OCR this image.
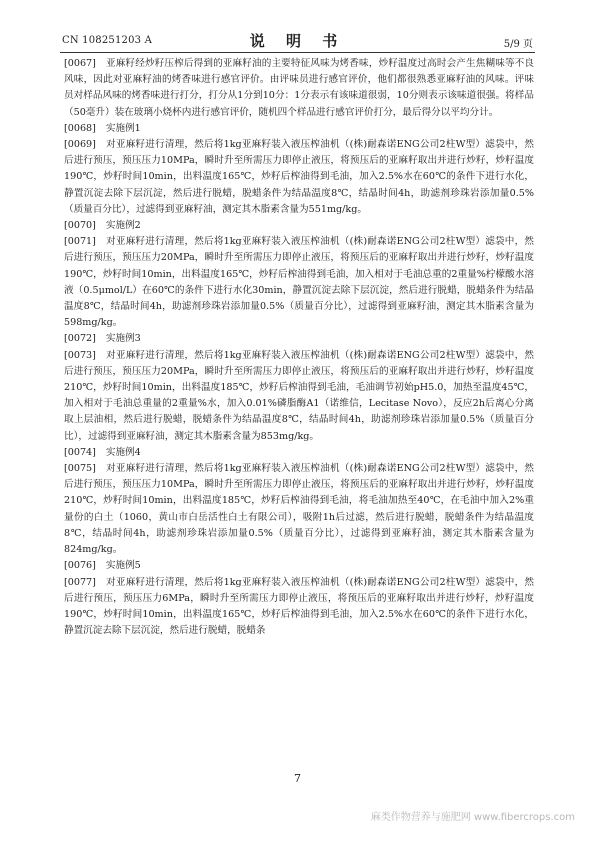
CN 108251203 A	说 明 书	5/9 页

[0067] 亚麻籽经炒籽压榨后得到的亚麻籽油的主要特征风味为烤香味，炒籽温度过高时会产生焦糊味等不良风味，因此对亚麻籽油的烤香味进行感官评价。由评味员进行感官评价，他们都很熟悉亚麻籽油的风味。评味员对样品风味的烤香味进行打分，打分从1分到10分：1分表示有该味道很弱，10分则表示该味道很强。将样品（50毫升）装在玻璃小烧杯内进行感官评价，随机四个样品进行感官评价打分，最后得分以平均分计。

[0068] 实施例1

[0069] 对亚麻籽进行清理，然后将1kg亚麻籽装入液压榨油机（(株)耐森诺ENG公司2柱W型）滤袋中，然后进行预压，预压压力10MPa，瞬时升至所需压力即停止液压，将预压后的亚麻籽取出并进行炒籽，炒籽温度190℃，炒籽时间10min，出料温度165℃，炒籽后榨油得到毛油，加入2.5%水在60℃的条件下进行水化，静置沉淀去除下层沉淀，然后进行脱蜡，脱蜡条件为结晶温度8℃，结晶时间4h，助滤剂珍珠岩添加量0.5%（质量百分比），过滤得到亚麻籽油，测定其木脂素含量为551mg/kg。

[0070] 实施例2

[0071] 对亚麻籽进行清理，然后将1kg亚麻籽装入液压榨油机（(株)耐森诺ENG公司2柱W型）滤袋中，然后进行预压，预压压力20MPa，瞬时升至所需压力即停止液压，将预压后的亚麻籽取出并进行炒籽，炒籽温度190℃，炒籽时间10min，出料温度165℃，炒籽后榨油得到毛油，加入相对于毛油总重的2重量%柠檬酸水溶液（0.5μmol/L）在60℃的条件下进行水化30min，静置沉淀去除下层沉淀，然后进行脱蜡，脱蜡条件为结晶温度8℃，结晶时间4h，助滤剂珍珠岩添加量0.5%（质量百分比），过滤得到亚麻籽油，测定其木脂素含量为598mg/kg。

[0072] 实施例3

[0073] 对亚麻籽进行清理，然后将1kg亚麻籽装入液压榨油机（(株)耐森诺ENG公司2柱W型）滤袋中，然后进行预压，预压压力20MPa，瞬时升至所需压力即停止液压，将预压后的亚麻籽取出并进行炒籽，炒籽温度210℃，炒籽时间10min，出料温度185℃，炒籽后榨油得到毛油，毛油调节初始pH5.0，加热至温度45℃，加入相对于毛油总重量的2重量%水，加入0.01%磷脂酶A1（诺维信，Lecitase Novo），反应2h后离心分离取上层油相，然后进行脱蜡，脱蜡条件为结晶温度8℃，结晶时间4h，助滤剂珍珠岩添加量0.5%（质量百分比），过滤得到亚麻籽油，测定其木脂素含量为853mg/kg。

[0074] 实施例4

[0075] 对亚麻籽进行清理，然后将1kg亚麻籽装入液压榨油机（(株)耐森诺ENG公司2柱W型）滤袋中，然后进行预压，预压压力10MPa，瞬时升至所需压力即停止液压，将预压后的亚麻籽取出并进行炒籽，炒籽温度210℃，炒籽时间10min，出料温度185℃，炒籽后榨油得到毛油，将毛油加热至40℃，在毛油中加入2%重量份的白土（1060，黄山市白岳活性白土有限公司），吸附1h后过滤，然后进行脱蜡，脱蜡条件为结晶温度8℃，结晶时间4h，助滤剂珍珠岩添加量0.5%（质量百分比），过滤得到亚麻籽油，测定其木脂素含量为824mg/kg。

[0076] 实施例5

[0077] 对亚麻籽进行清理，然后将1kg亚麻籽装入液压榨油机（(株)耐森诺ENG公司2柱W型）滤袋中，然后进行预压，预压压力6MPa，瞬时升至所需压力即停止液压，将预压后的亚麻籽取出并进行炒籽，炒籽温度190℃，炒籽时间10min，出料温度165℃，炒籽后榨油得到毛油，加入2.5%水在60℃的条件下进行水化，静置沉淀去除下层沉淀，然后进行脱蜡，脱蜡条

7
麻类作物营养与施肥网 www.fibercrops.com
